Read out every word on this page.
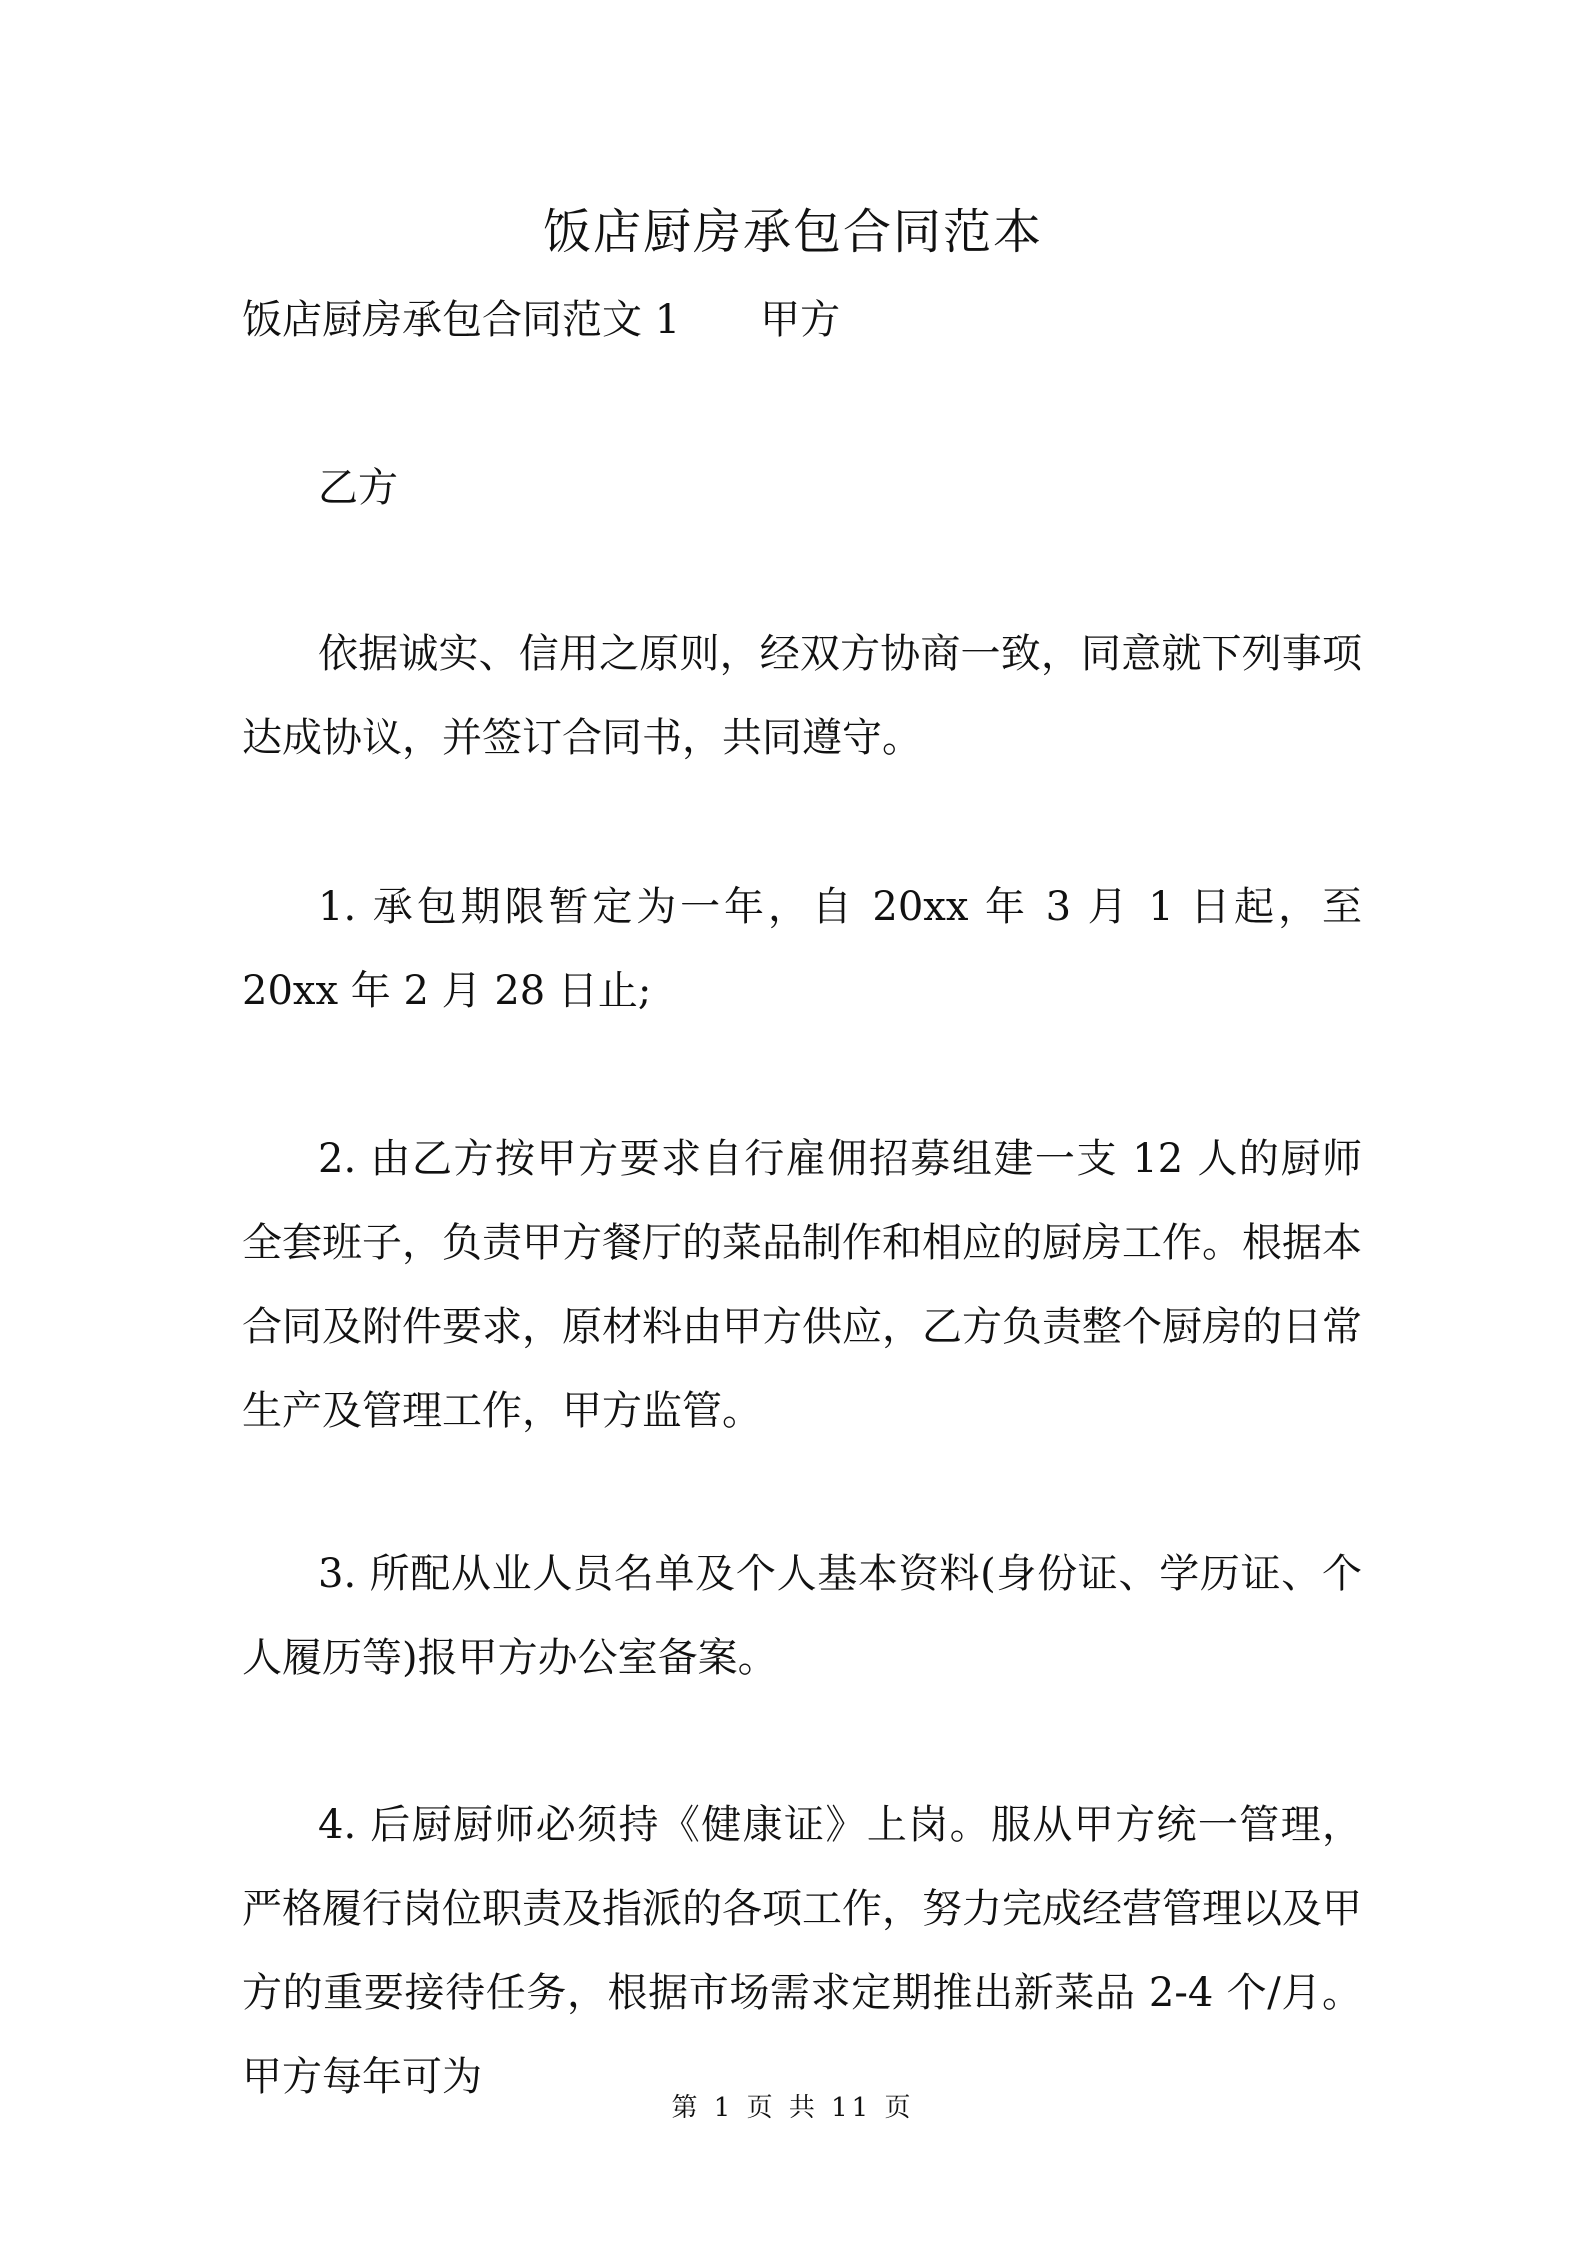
饭店厨房承包合同范本
饭店厨房承包合同范文 1 甲方
乙方
依据诚实、信用之原则，经双方协商一致，同意就下列事项达成协议，并签订合同书，共同遵守。
1. 承包期限暂定为一年，自 20xx 年 3 月 1 日起，至 20xx 年 2 月 28 日止;
2. 由乙方按甲方要求自行雇佣招募组建一支 12 人的厨师全套班子，负责甲方餐厅的菜品制作和相应的厨房工作。根据本合同及附件要求，原材料由甲方供应，乙方负责整个厨房的日常生产及管理工作，甲方监管。
3. 所配从业人员名单及个人基本资料(身份证、学历证、个人履历等)报甲方办公室备案。
4. 后厨厨师必须持《健康证》上岗。服从甲方统一管理，严格履行岗位职责及指派的各项工作，努力完成经营管理以及甲方的重要接待任务，根据市场需求定期推出新菜品 2-4 个/月。甲方每年可为
第 1 页 共 11 页
